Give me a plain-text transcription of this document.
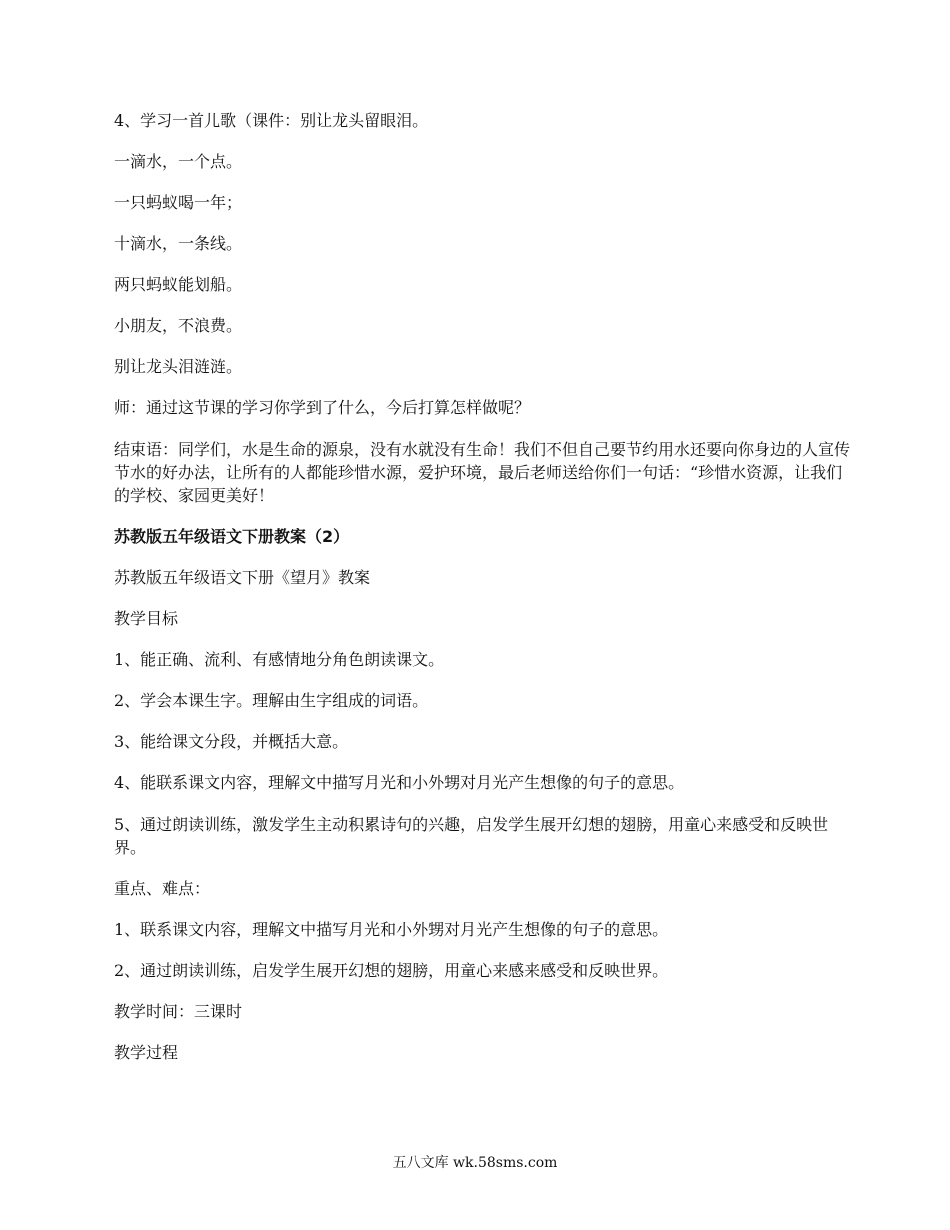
4、学习一首儿歌（课件：别让龙头留眼泪。

一滴水，一个点。

一只蚂蚁喝一年；

十滴水，一条线。

两只蚂蚁能划船。

小朋友，不浪费。

别让龙头泪涟涟。

师：通过这节课的学习你学到了什么，今后打算怎样做呢？

结束语：同学们，水是生命的源泉，没有水就没有生命！我们不但自己要节约用水还要向你身边的人宣传节水的好办法，让所有的人都能珍惜水源，爱护环境，最后老师送给你们一句话：“珍惜水资源，让我们的学校、家园更美好！

苏教版五年级语文下册教案（2）

苏教版五年级语文下册《望月》教案

教学目标

1、能正确、流利、有感情地分角色朗读课文。

2、学会本课生字。理解由生字组成的词语。

3、能给课文分段，并概括大意。

4、能联系课文内容，理解文中描写月光和小外甥对月光产生想像的句子的意思。

5、通过朗读训练，激发学生主动积累诗句的兴趣，启发学生展开幻想的翅膀，用童心来感受和反映世界。

重点、难点：

1、联系课文内容，理解文中描写月光和小外甥对月光产生想像的句子的意思。

2、通过朗读训练，启发学生展开幻想的翅膀，用童心来感来感受和反映世界。

教学时间：三课时

教学过程

五八文库 wk.58sms.com
